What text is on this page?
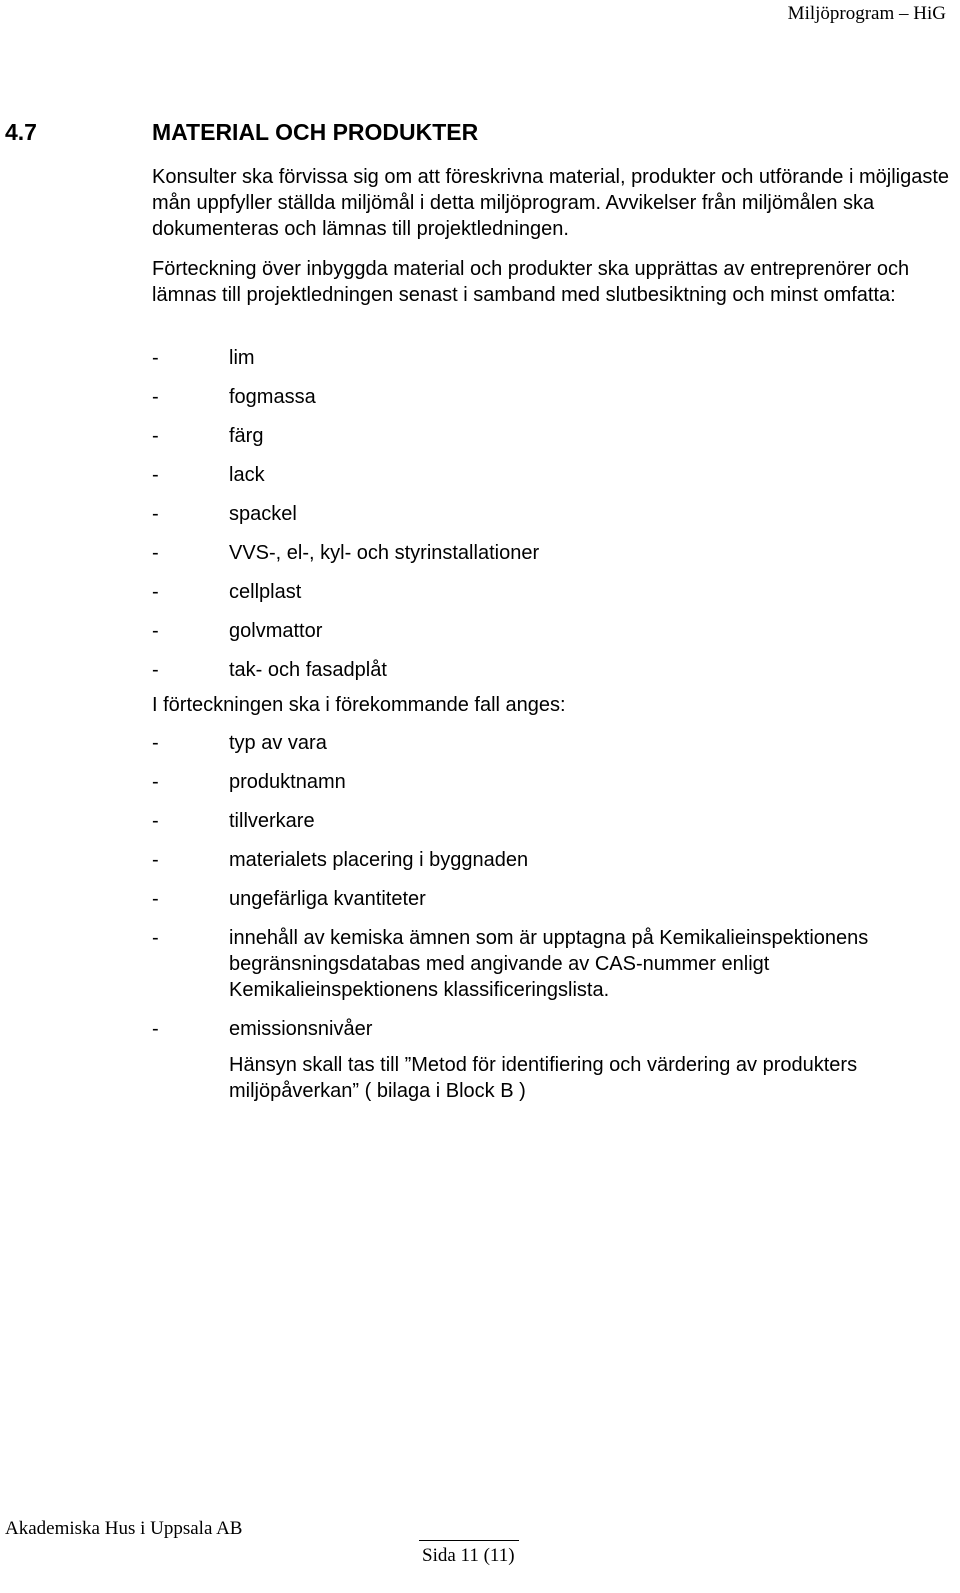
Miljöprogram – HiG
4.7	MATERIAL OCH PRODUKTER
Konsulter ska förvissa sig om att föreskrivna material, produkter och utförande i möjligaste mån uppfyller ställda miljömål i detta miljöprogram. Avvikelser från miljömålen ska dokumenteras och lämnas till projektledningen.
Förteckning över inbyggda material och produkter ska upprättas av entreprenörer och lämnas till projektledningen senast i samband med slutbesiktning och minst omfatta:
-	lim
-	fogmassa
-	färg
-	lack
-	spackel
-	VVS-, el-, kyl- och styrinstallationer
-	cellplast
-	golvmattor
-	tak- och fasadplåt
I förteckningen ska i förekommande fall anges:
-	typ av vara
-	produktnamn
-	tillverkare
-	materialets placering i byggnaden
-	ungefärliga kvantiteter
-	innehåll av kemiska ämnen som är upptagna på Kemikalieinspektionens begränsningsdatabas med angivande av CAS-nummer enligt Kemikalieinspektionens klassificeringslista.
-	emissionsnivåer
Hänsyn skall tas till ”Metod för identifiering och värdering av produkters miljöpåverkan” ( bilaga i Block B )
Akademiska Hus i Uppsala AB
Sida 11 (11)
